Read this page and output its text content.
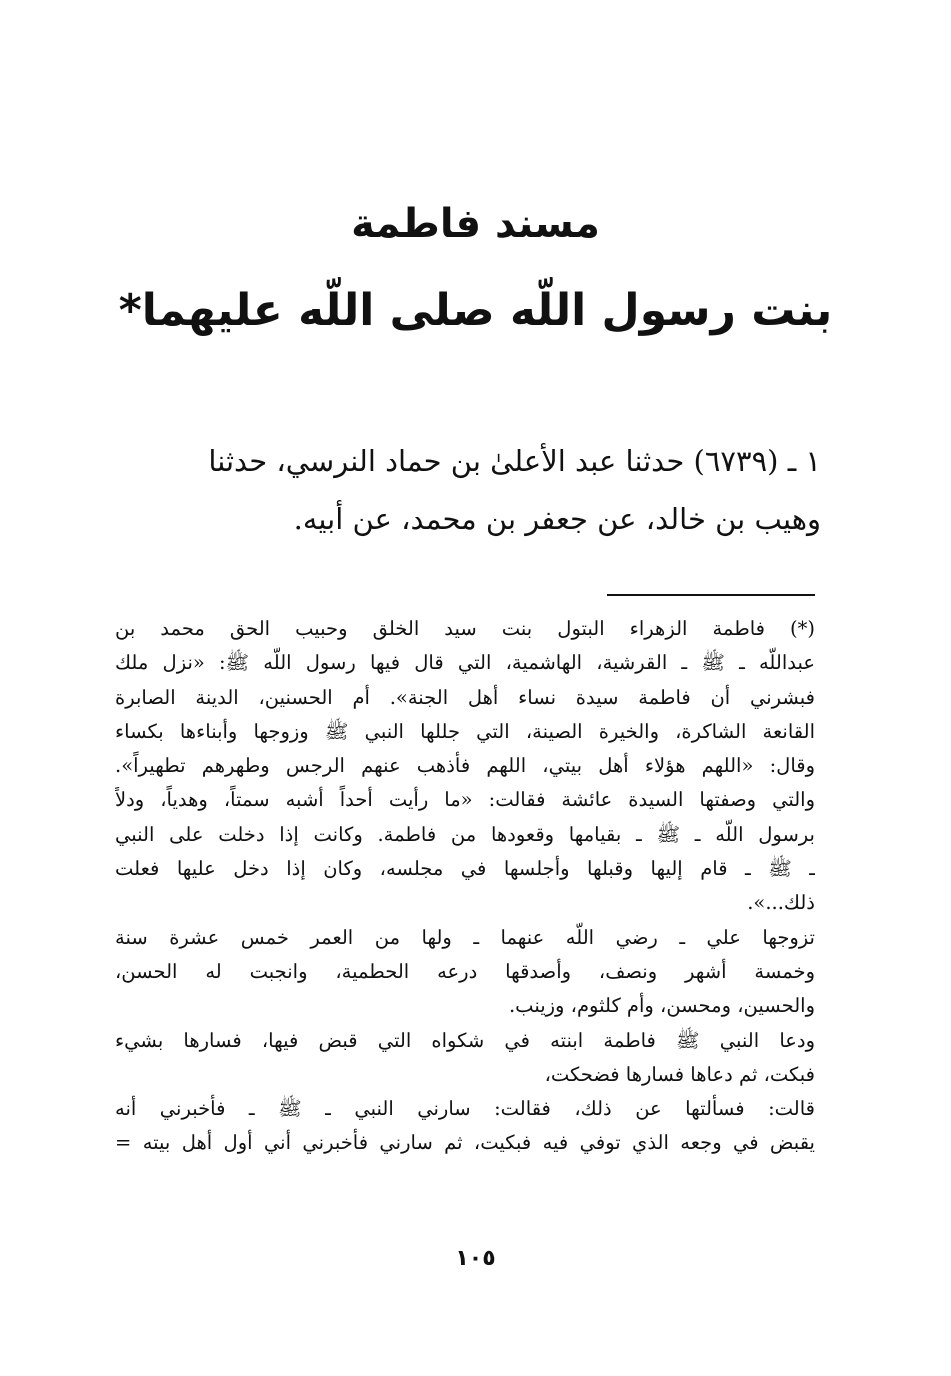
مسند فاطمة
بنت رسول اللّه صلى اللّه عليهما*
١ ـ (٦٧٣٩) حدثنا عبد الأعلىٰ بن حماد النرسي، حدثنا
وهيب بن خالد، عن جعفر بن محمد، عن أبيه.
(*) فاطمة الزهراء البتول بنت سيد الخلق وحبيب الحق محمد بن
عبداللّه ـ ﷺ ـ القرشية، الهاشمية، التي قال فيها رسول اللّه ﷺ: «نزل ملك
فبشرني أن فاطمة سيدة نساء أهل الجنة». أم الحسنين، الدينة الصابرة
القانعة الشاكرة، والخيرة الصينة، التي جللها النبي ﷺ وزوجها وأبناءها بكساء
وقال: «اللهم هؤلاء أهل بيتي، اللهم فأذهب عنهم الرجس وطهرهم تطهيراً».
والتي وصفتها السيدة عائشة فقالت: «ما رأيت أحداً أشبه سمتاً، وهدياً، ودلاً
برسول اللّه ـ ﷺ ـ بقيامها وقعودها من فاطمة. وكانت إذا دخلت على النبي
ـ ﷺ ـ قام إليها وقبلها وأجلسها في مجلسه، وكان إذا دخل عليها فعلت
ذلك...».
تزوجها علي ـ رضي اللّه عنهما ـ ولها من العمر خمس عشرة سنة
وخمسة أشهر ونصف، وأصدقها درعه الحطمية، وانجبت له الحسن،
والحسين، ومحسن، وأم كلثوم، وزينب.
ودعا النبي ﷺ فاطمة ابنته في شكواه التي قبض فيها، فسارها بشيء
فبكت، ثم دعاها فسارها فضحكت،
قالت: فسألتها عن ذلك، فقالت: سارني النبي ـ ﷺ ـ فأخبرني أنه
يقبض في وجعه الذي توفي فيه فبكيت، ثم سارني فأخبرني أني أول أهل بيته =
١٠٥
